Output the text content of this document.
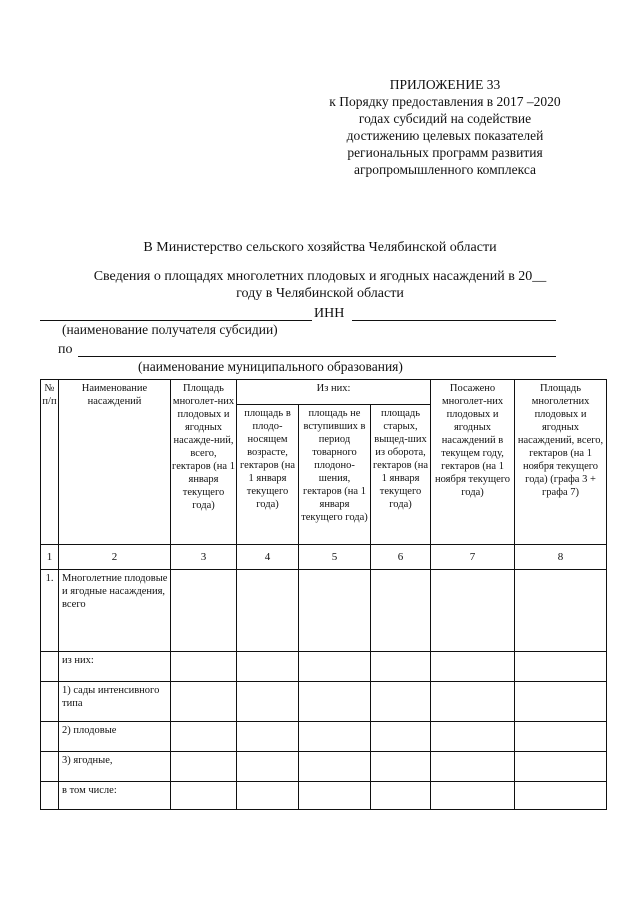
ПРИЛОЖЕНИЕ 33
к Порядку предоставления в 2017 –2020
годах субсидий на содействие
достижению целевых показателей
региональных программ развития
агропромышленного комплекса
В Министерство сельского хозяйства Челябинской области
Сведения о площадях многолетних плодовых и ягодных насаждений в 20__
году в Челябинской области
ИНН
(наименование получателя субсидии)
по
(наименование муниципального образования)
№ п/п	Наименование насаждений	Площадь многолет-них плодовых и ягодных насажде-ний, всего, гектаров (на 1 января текущего года)	Из них:			Посажено многолет-них плодовых и ягодных насаждений в текущем году, гектаров (на 1 ноября текущего года)	Площадь многолетних плодовых и ягодных насаждений, всего, гектаров (на 1 ноября текущего года) (графа 3 + графа 7)
			площадь в плодо-носящем возрасте, гектаров (на 1 января текущего года)	площадь не вступивших в период товарного плодоно-шения, гектаров (на 1 января текущего года)	площадь старых, выщед-ших из оборота, гектаров (на 1 января текущего года)		
1	2	3	4	5	6	7	8
1.	Многолетние плодовые и ягодные насаждения, всего						
	из них:						
	1) сады интенсивного типа						
	2) плодовые						
	3) ягодные,						
	в том числе:						
